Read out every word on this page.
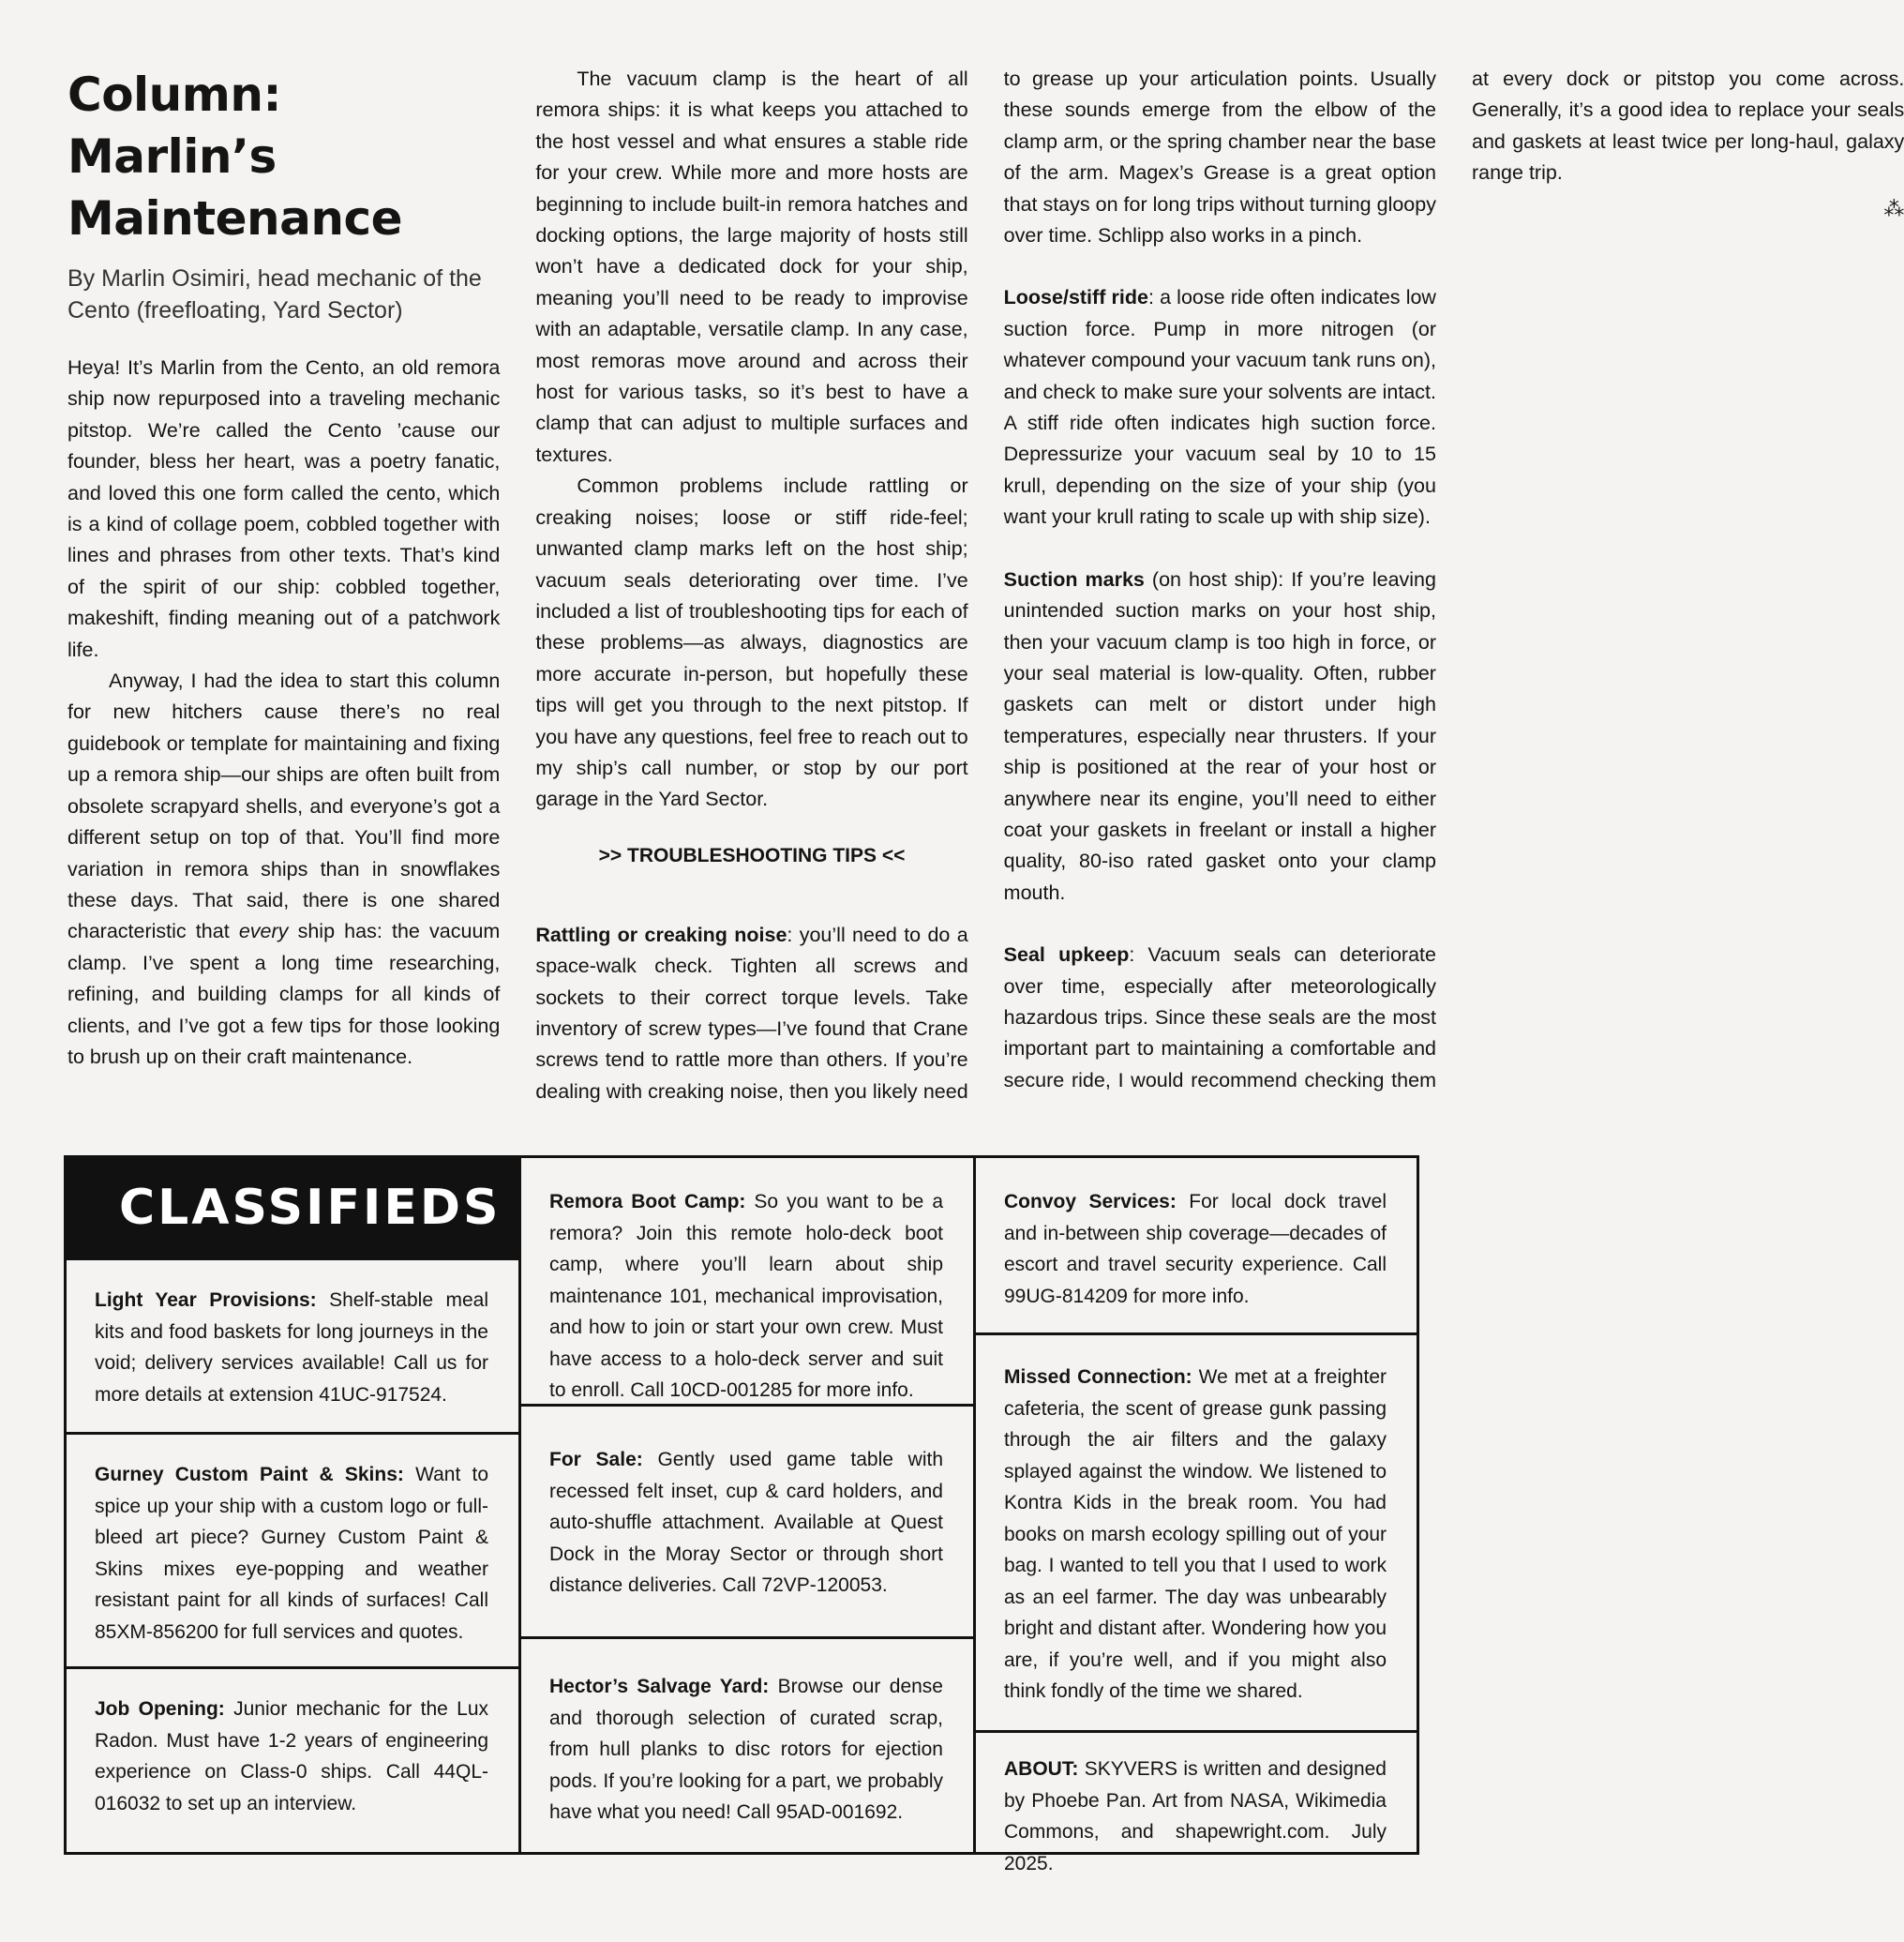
Column: Marlin’s Maintenance
By Marlin Osimiri, head mechanic of the Cento (freefloating, Yard Sector)

Heya! It’s Marlin from the Cento, an old remora ship now repurposed into a traveling mechanic pitstop. We’re called the Cento ’cause our founder, bless her heart, was a poetry fanatic, and loved this one form called the cento, which is a kind of collage poem, cobbled together with lines and phrases from other texts. That’s kind of the spirit of our ship: cobbled together, makeshift, finding meaning out of a patchwork life.

Anyway, I had the idea to start this column for new hitchers cause there’s no real guidebook or template for maintaining and fixing up a remora ship—our ships are often built from obsolete scrapyard shells, and everyone’s got a different setup on top of that. You’ll find more variation in remora ships than in snowflakes these days. That said, there is one shared characteristic that every ship has: the vacuum clamp. I’ve spent a long time researching, refining, and building clamps for all kinds of clients, and I’ve got a few tips for those looking to brush up on their craft maintenance.

The vacuum clamp is the heart of all remora ships: it is what keeps you attached to the host vessel and what ensures a stable ride for your crew. While more and more hosts are beginning to include built-in remora hatches and docking options, the large majority of hosts still won’t have a dedicated dock for your ship, meaning you’ll need to be ready to improvise with an adaptable, versatile clamp. In any case, most remoras move around and across their host for various tasks, so it’s best to have a clamp that can adjust to multiple surfaces and textures.

Common problems include rattling or creaking noises; loose or stiff ride-feel; unwanted clamp marks left on the host ship; vacuum seals deteriorating over time. I’ve included a list of troubleshooting tips for each of these problems—as always, diagnostics are more accurate in-person, but hopefully these tips will get you through to the next pitstop. If you have any questions, feel free to reach out to my ship’s call number, or stop by our port garage in the Yard Sector.

>> TROUBLESHOOTING TIPS <<

Rattling or creaking noise: you’ll need to do a space-walk check. Tighten all screws and sockets to their correct torque levels. Take inventory of screw types—I’ve found that Crane screws tend to rattle more than others. If you’re dealing with creaking noise, then you likely need to grease up your articulation points. Usually these sounds emerge from the elbow of the clamp arm, or the spring chamber near the base of the arm. Magex’s Grease is a great option that stays on for long trips without turning gloopy over time. Schlipp also works in a pinch.

Loose/stiff ride: a loose ride often indicates low suction force. Pump in more nitrogen (or whatever compound your vacuum tank runs on), and check to make sure your solvents are intact. A stiff ride often indicates high suction force. Depressurize your vacuum seal by 10 to 15 krull, depending on the size of your ship (you want your krull rating to scale up with ship size).

Suction marks (on host ship): If you’re leaving unintended suction marks on your host ship, then your vacuum clamp is too high in force, or your seal material is low-quality. Often, rubber gaskets can melt or distort under high temperatures, especially near thrusters. If your ship is positioned at the rear of your host or anywhere near its engine, you’ll need to either coat your gaskets in freelant or install a higher quality, 80-iso rated gasket onto your clamp mouth.

Seal upkeep: Vacuum seals can deteriorate over time, especially after meteorologically hazardous trips. Since these seals are the most important part to maintaining a comfortable and secure ride, I would recommend checking them at every dock or pitstop you come across. Generally, it’s a good idea to replace your seals and gaskets at least twice per long-haul, galaxy range trip.

⁂
CLASSIFIEDS

Light Year Provisions: Shelf-stable meal kits and food baskets for long journeys in the void; delivery services available! Call us for more details at extension 41UC-917524.

Gurney Custom Paint & Skins: Want to spice up your ship with a custom logo or full-bleed art piece? Gurney Custom Paint & Skins mixes eye-popping and weather resistant paint for all kinds of surfaces! Call 85XM-856200 for full services and quotes.

Job Opening: Junior mechanic for the Lux Radon. Must have 1-2 years of engineering experience on Class-0 ships. Call 44QL-016032 to set up an interview.

Remora Boot Camp: So you want to be a remora? Join this remote holo-deck boot camp, where you’ll learn about ship maintenance 101, mechanical improvisation, and how to join or start your own crew. Must have access to a holo-deck server and suit to enroll. Call 10CD-001285 for more info.

For Sale: Gently used game table with recessed felt inset, cup & card holders, and auto-shuffle attachment. Available at Quest Dock in the Moray Sector or through short distance deliveries. Call 72VP-120053.

Hector’s Salvage Yard: Browse our dense and thorough selection of curated scrap, from hull planks to disc rotors for ejection pods. If you’re looking for a part, we probably have what you need! Call 95AD-001692.

Convoy Services: For local dock travel and in-between ship coverage—decades of escort and travel security experience. Call 99UG-814209 for more info.

Missed Connection: We met at a freighter cafeteria, the scent of grease gunk passing through the air filters and the galaxy splayed against the window. We listened to Kontra Kids in the break room. You had books on marsh ecology spilling out of your bag. I wanted to tell you that I used to work as an eel farmer. The day was unbearably bright and distant after. Wondering how you are, if you’re well, and if you might also think fondly of the time we shared.

ABOUT: SKYVERS is written and designed by Phoebe Pan. Art from NASA, Wikimedia Commons, and shapewright.com. July 2025.
